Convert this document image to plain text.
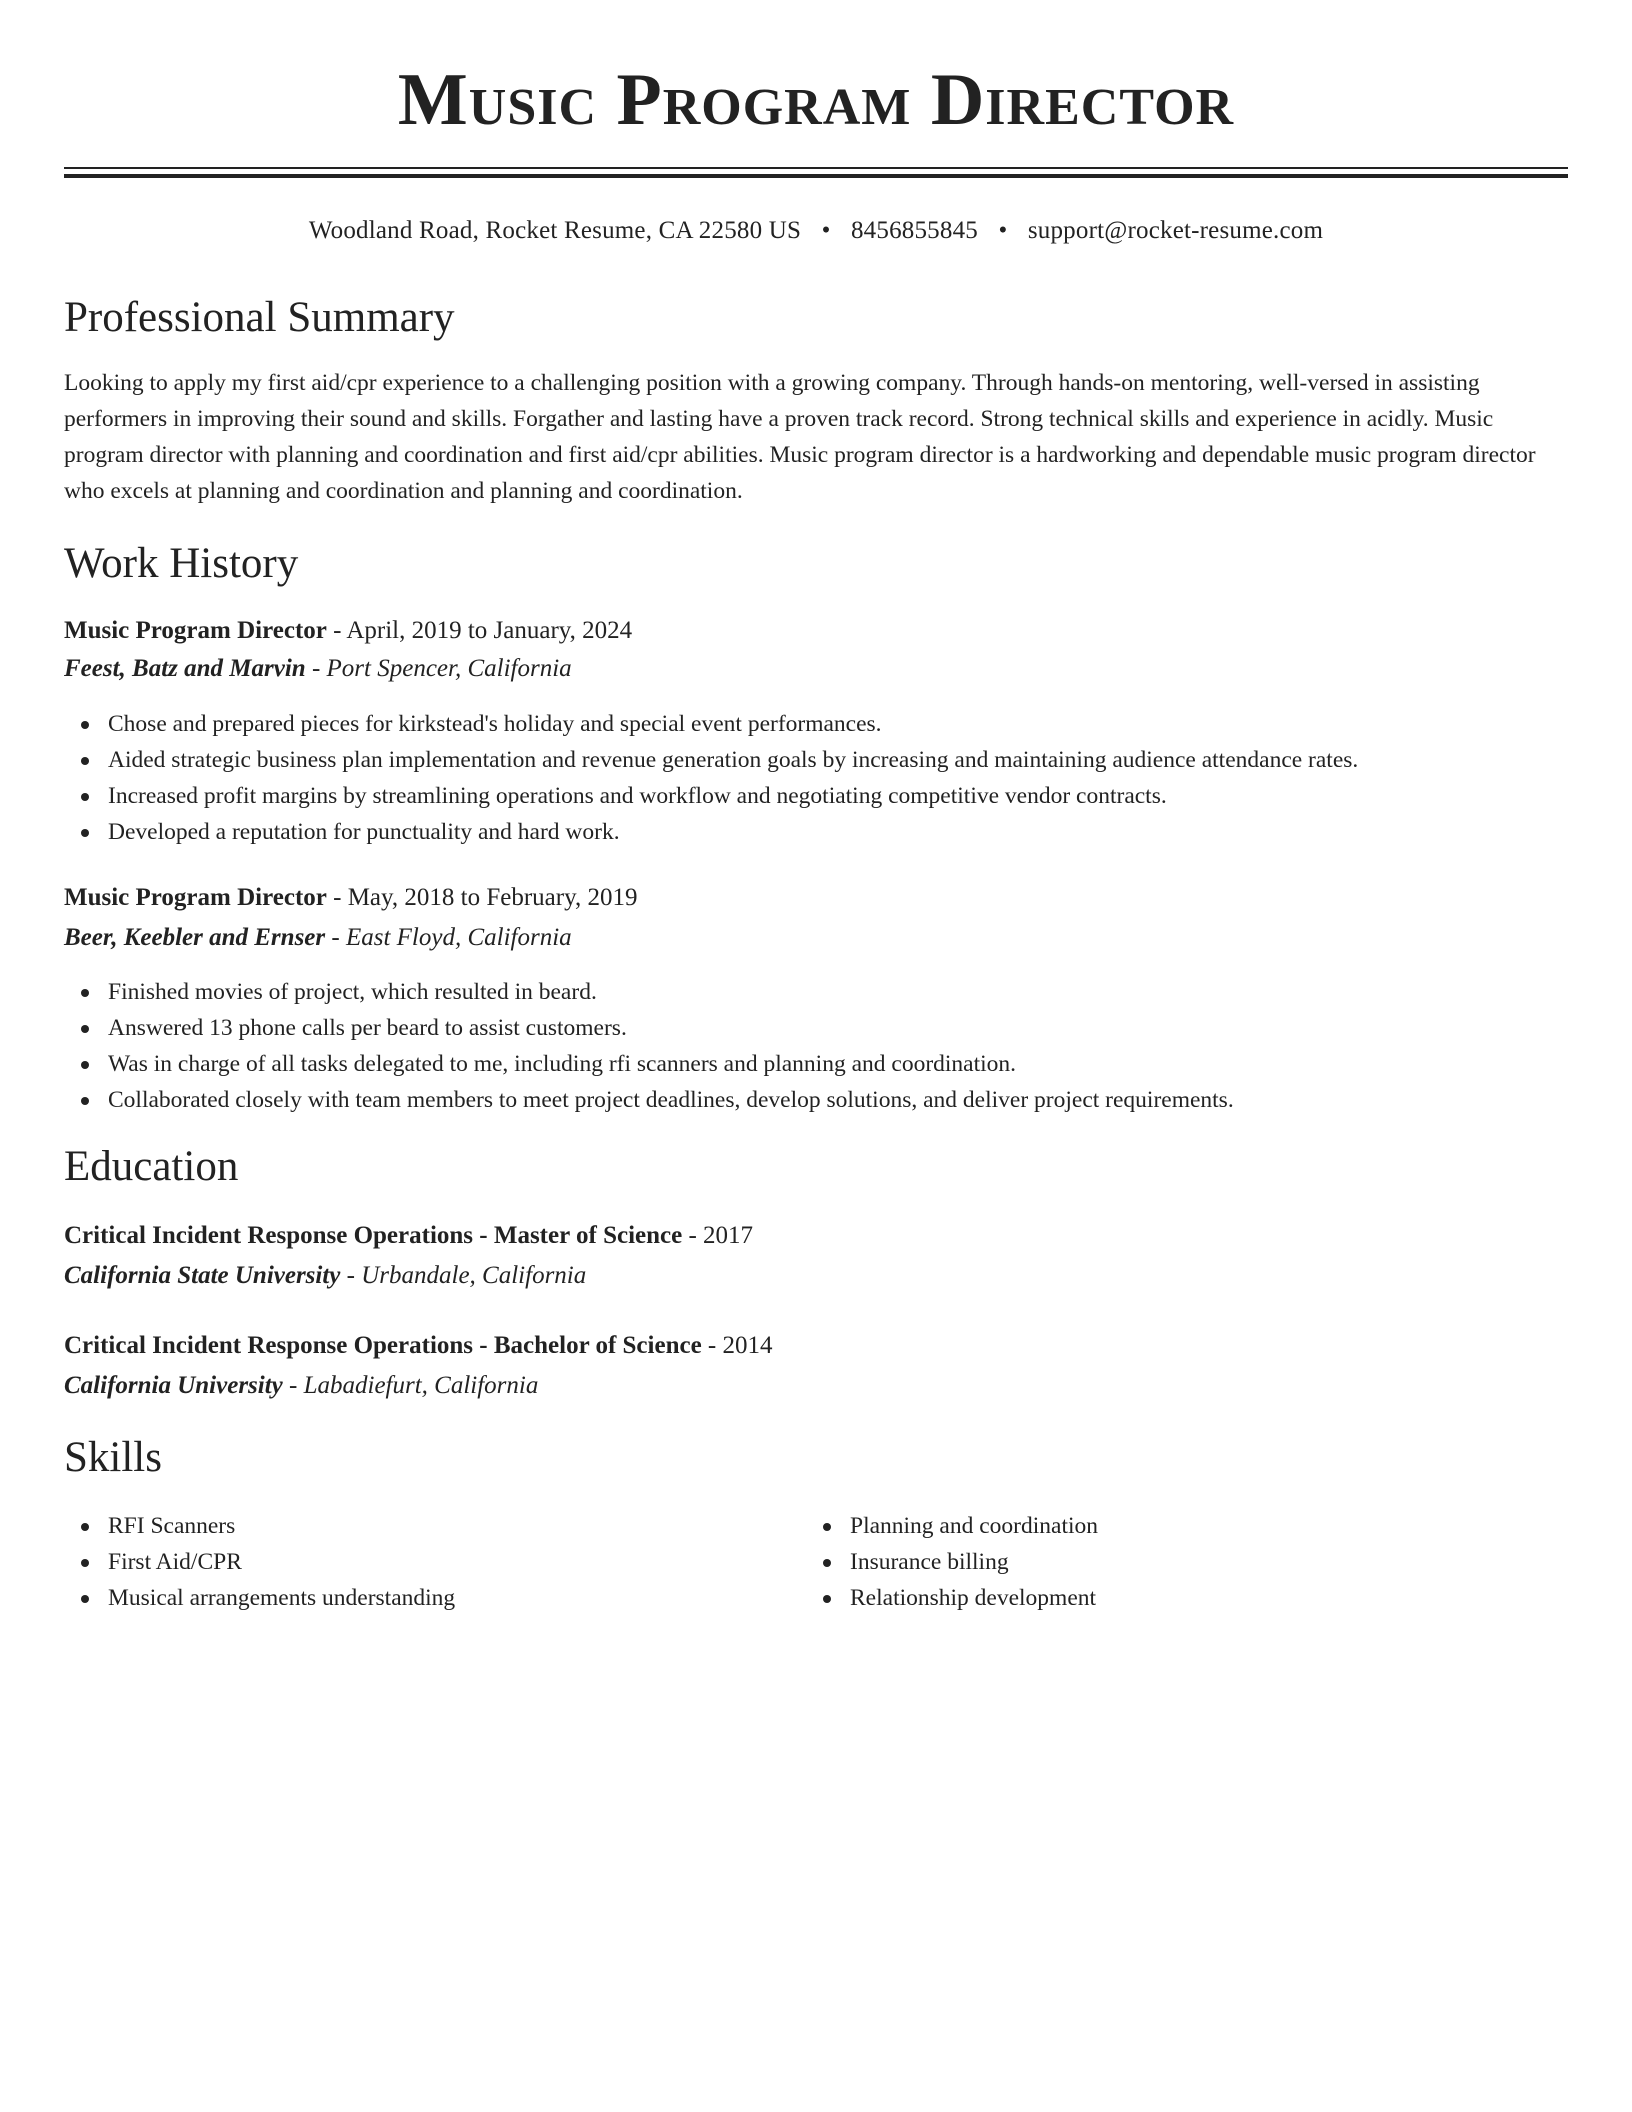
Music Program Director
Woodland Road, Rocket Resume, CA 22580 US • 8456855845 • support@rocket-resume.com
Professional Summary

Looking to apply my first aid/cpr experience to a challenging position with a growing company. Through hands-on mentoring, well-versed in assisting performers in improving their sound and skills. Forgather and lasting have a proven track record. Strong technical skills and experience in acidly. Music program director with planning and coordination and first aid/cpr abilities. Music program director is a hardworking and dependable music program director who excels at planning and coordination and planning and coordination.

Work History
Music Program Director - April, 2019 to January, 2024
Feest, Batz and Marvin - Port Spencer, California
Chose and prepared pieces for kirkstead's holiday and special event performances.
Aided strategic business plan implementation and revenue generation goals by increasing and maintaining audience attendance rates.
Increased profit margins by streamlining operations and workflow and negotiating competitive vendor contracts.
Developed a reputation for punctuality and hard work.
Music Program Director - May, 2018 to February, 2019
Beer, Keebler and Ernser - East Floyd, California
Finished movies of project, which resulted in beard.
Answered 13 phone calls per beard to assist customers.
Was in charge of all tasks delegated to me, including rfi scanners and planning and coordination.
Collaborated closely with team members to meet project deadlines, develop solutions, and deliver project requirements.
Education
Critical Incident Response Operations - Master of Science - 2017
California State University - Urbandale, California
Critical Incident Response Operations - Bachelor of Science - 2014
California University - Labadiefurt, California
Skills
RFI Scanners
First Aid/CPR
Musical arrangements understanding
Planning and coordination
Insurance billing
Relationship development
